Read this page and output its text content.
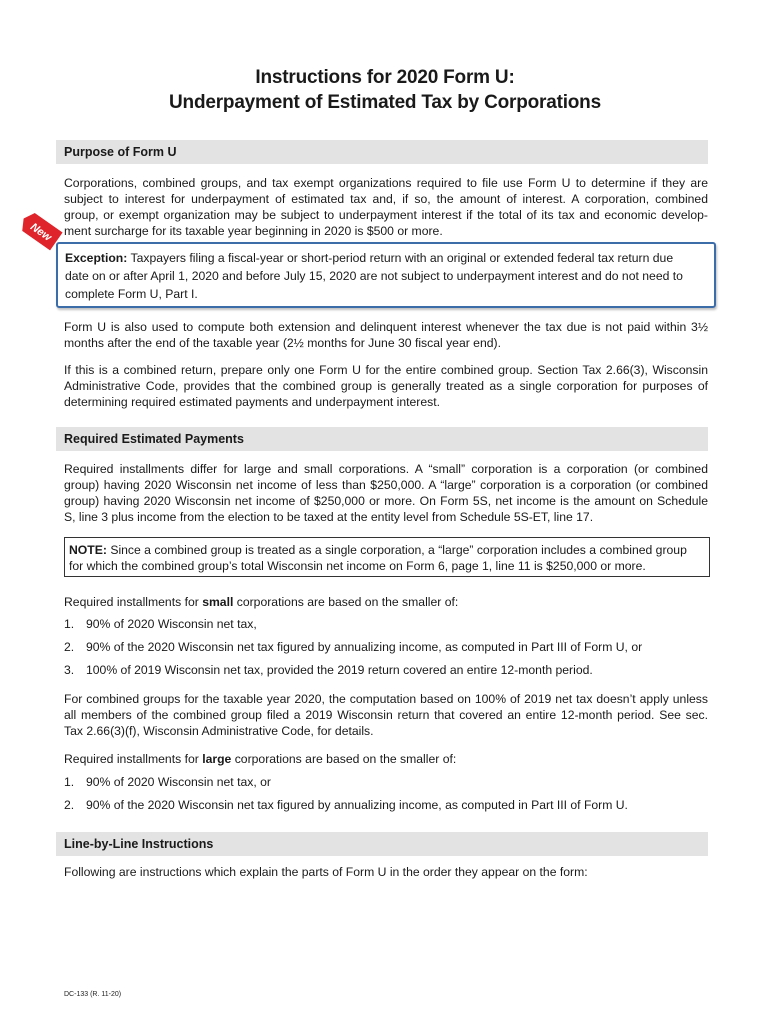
Instructions for 2020 Form U:
Underpayment of Estimated Tax by Corporations
Purpose of Form U
New
Corporations, combined groups, and tax exempt organizations required to file use Form U to determine if they are
subject to interest for underpayment of estimated tax and, if so, the amount of interest. A corporation, combined
group, or exempt organization may be subject to underpayment interest if the total of its tax and economic develop-
ment surcharge for its taxable year beginning in 2020 is $500 or more.
Exception: Taxpayers filing a fiscal-year or short-period return with an original or extended federal tax return due
date on or after April 1, 2020 and before July 15, 2020 are not subject to underpayment interest and do not need to
complete Form U, Part I.
Form U is also used to compute both extension and delinquent interest whenever the tax due is not paid within 3½
months after the end of the taxable year (2½ months for June 30 fiscal year end).
If this is a combined return, prepare only one Form U for the entire combined group. Section Tax 2.66(3), Wisconsin
Administrative Code, provides that the combined group is generally treated as a single corporation for purposes of
determining required estimated payments and underpayment interest.
Required Estimated Payments
Required installments differ for large and small corporations. A “small” corporation is a corporation (or combined
group) having 2020 Wisconsin net income of less than $250,000. A “large” corporation is a corporation (or combined
group) having 2020 Wisconsin net income of $250,000 or more. On Form 5S, net income is the amount on Schedule
S, line 3 plus income from the election to be taxed at the entity level from Schedule 5S-ET, line 17.
NOTE: Since a combined group is treated as a single corporation, a “large” corporation includes a combined group
for which the combined group’s total Wisconsin net income on Form 6, page 1, line 11 is $250,000 or more.
Required installments for small corporations are based on the smaller of:
1. 90% of 2020 Wisconsin net tax,
2. 90% of the 2020 Wisconsin net tax figured by annualizing income, as computed in Part III of Form U, or
3. 100% of 2019 Wisconsin net tax, provided the 2019 return covered an entire 12-month period.
For combined groups for the taxable year 2020, the computation based on 100% of 2019 net tax doesn’t apply unless
all members of the combined group filed a 2019 Wisconsin return that covered an entire 12-month period. See sec.
Tax 2.66(3)(f), Wisconsin Administrative Code, for details.
Required installments for large corporations are based on the smaller of:
1. 90% of 2020 Wisconsin net tax, or
2. 90% of the 2020 Wisconsin net tax figured by annualizing income, as computed in Part III of Form U.
Line-by-Line Instructions
Following are instructions which explain the parts of Form U in the order they appear on the form:
DC-133 (R. 11-20)
